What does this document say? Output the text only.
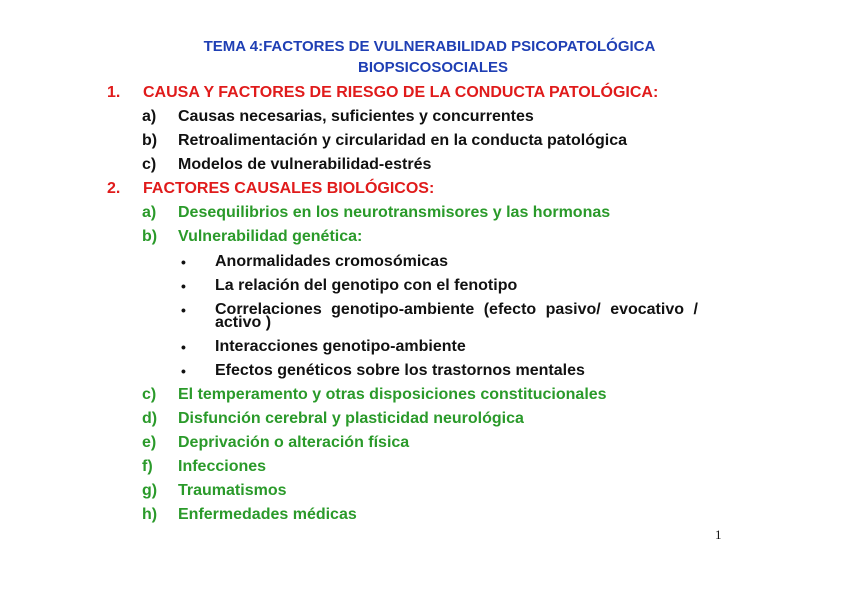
TEMA 4:FACTORES DE VULNERABILIDAD PSICOPATOLÓGICA
BIOPSICOSOCIALES
1. CAUSA Y FACTORES DE RIESGO DE LA CONDUCTA PATOLÓGICA:
a) Causas necesarias, suficientes y concurrentes
b) Retroalimentación y circularidad en la conducta patológica
c) Modelos de vulnerabilidad-estrés
2. FACTORES CAUSALES BIOLÓGICOS:
a) Desequilibrios en los neurotransmisores y las hormonas
b) Vulnerabilidad genética:
• Anormalidades cromosómicas
• La relación del genotipo con el fenotipo
• Correlaciones genotipo-ambiente (efecto pasivo/ evocativo /
activo )
• Interacciones genotipo-ambiente
• Efectos genéticos sobre los trastornos mentales
c) El temperamento y otras disposiciones constitucionales
d) Disfunción cerebral y plasticidad neurológica
e) Deprivación o alteración física
f) Infecciones
g) Traumatismos
h) Enfermedades médicas
1
